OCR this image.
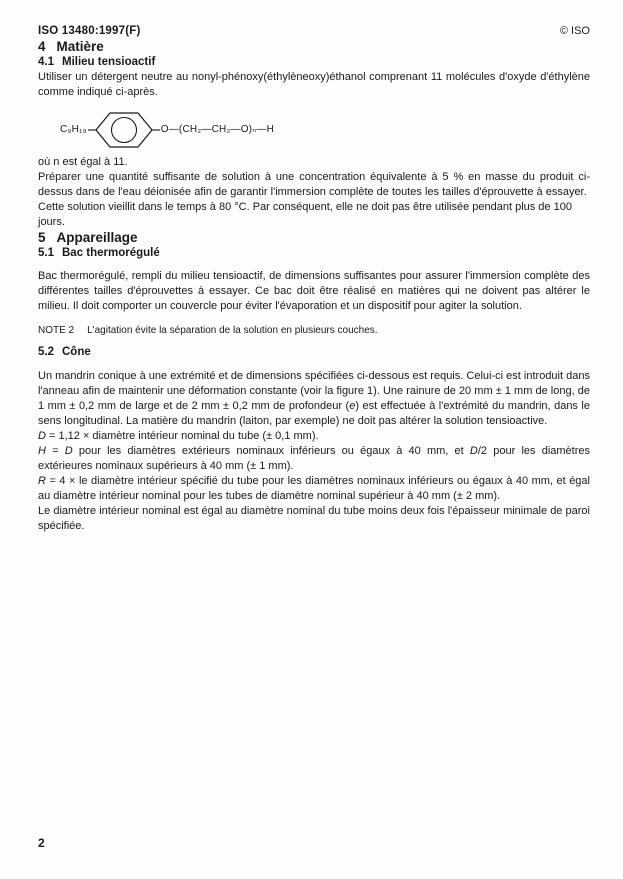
ISO 13480:1997(F)	© ISO
4 Matière
4.1 Milieu tensioactif

Utiliser un détergent neutre au nonyl-phénoxy(éthylèneoxy)éthanol comprenant 11 molécules d'oxyde d'éthylène comme indiqué ci-après.

C₉H₁₉	O—(CH₂—CH₂—O)ₙ—H

où n est égal à 11.

Préparer une quantité suffisante de solution à une concentration équivalente à 5 % en masse du produit ci-dessus dans de l'eau déionisée afin de garantir l'immersion complète de toutes les tailles d'éprouvette à essayer.

Cette solution vieillit dans le temps à 80 °C. Par conséquent, elle ne doit pas être utilisée pendant plus de 100 jours.

5 Appareillage
5.1 Bac thermorégulé

Bac thermorégulé, rempli du milieu tensioactif, de dimensions suffisantes pour assurer l'immersion complète des différentes tailles d'éprouvettes à essayer. Ce bac doit être réalisé en matières qui ne doivent pas altérer le milieu. Il doit comporter un couvercle pour éviter l'évaporation et un dispositif pour agiter la solution.

NOTE 2 L'agitation évite la séparation de la solution en plusieurs couches.

5.2 Cône

Un mandrin conique à une extrémité et de dimensions spécifiées ci-dessous est requis. Celui-ci est introduit dans l'anneau afin de maintenir une déformation constante (voir la figure 1). Une rainure de 20 mm ± 1 mm de long, de 1 mm ± 0,2 mm de large et de 2 mm ± 0,2 mm de profondeur (e) est effectuée à l'extrémité du mandrin, dans le sens longitudinal. La matière du mandrin (laiton, par exemple) ne doit pas altérer la solution tensioactive.

D = 1,12 × diamètre intérieur nominal du tube (± 0,1 mm).

H = D pour les diamètres extérieurs nominaux inférieurs ou égaux à 40 mm, et D/2 pour les diamètres extérieures nominaux supérieurs à 40 mm (± 1 mm).

R = 4 × le diamètre intérieur spécifié du tube pour les diamètres nominaux inférieurs ou égaux à 40 mm, et égal au diamètre intérieur nominal pour les tubes de diamètre nominal supérieur à 40 mm (± 2 mm).

Le diamètre intérieur nominal est égal au diamètre nominal du tube moins deux fois l'épaisseur minimale de paroi spécifiée.

2
